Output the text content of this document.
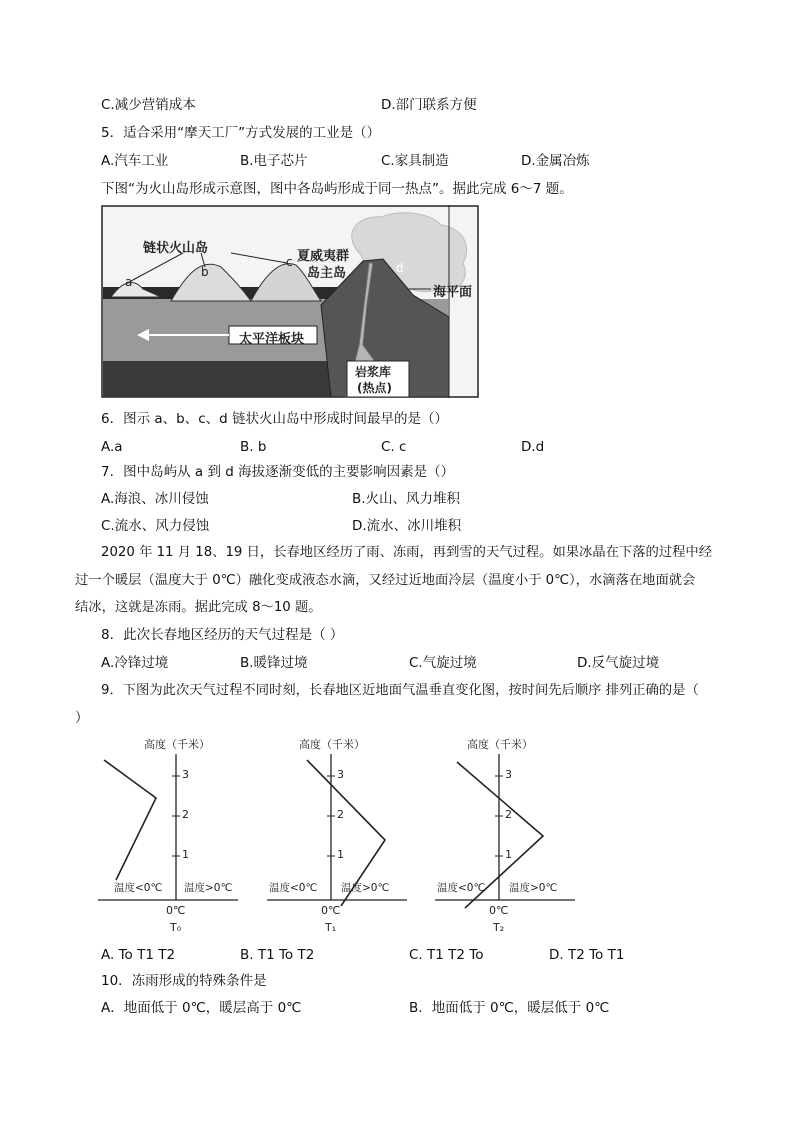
C.减少营销成本	D.部门联系方便
5．适合采用“摩天工厂”方式发展的工业是（）
A.汽车工业	B.电子芯片	C.家具制造	D.金属冶炼
下图“为火山岛形成示意图，图中各岛屿形成于同一热点”。据此完成 6～7 题。
链状火山岛
夏威夷群
岛主岛
海平面
太平洋板块
岩浆库
(热点)
a
b
c	d
6．图示 a、b、c、d 链状火山岛中形成时间最早的是（）
A.a	B. b	C. c	D.d
7．图中岛屿从 a 到 d 海拔逐渐变低的主要影响因素是（）
A.海浪、冰川侵蚀	B.火山、风力堆积
C.流水、风力侵蚀	D.流水、冰川堆积
2020 年 11 月 18、19 日，长春地区经历了雨、冻雨，再到雪的天气过程。如果冰晶在下落的过程中经
过一个暖层（温度大于 0℃）融化变成液态水滴，又经过近地面冷层（温度小于 0℃），水滴落在地面就会
结冰，这就是冻雨。据此完成 8～10 题。
8．此次长春地区经历的天气过程是（ ）
A.冷锋过境	B.暖锋过境	C.气旋过境	D.反气旋过境
9．下图为此次天气过程不同时刻，长春地区近地面气温垂直变化图，按时间先后顺序 排列正确的是（
）
高度（千米）
3
2
1
温度<0℃ 温度>0℃
0℃
T₀
高度（千米）
3
2
1
温度<0℃ 温度>0℃
0℃
T₁
高度（千米）
3
2
1
温度<0℃ 温度>0℃
0℃
T₂
A. To T1 T2	B. T1 To T2	C. T1 T2 To	D. T2 To T1
10．冻雨形成的特殊条件是
A．地面低于 0℃，暖层高于 0℃	B．地面低于 0℃，暖层低于 0℃
